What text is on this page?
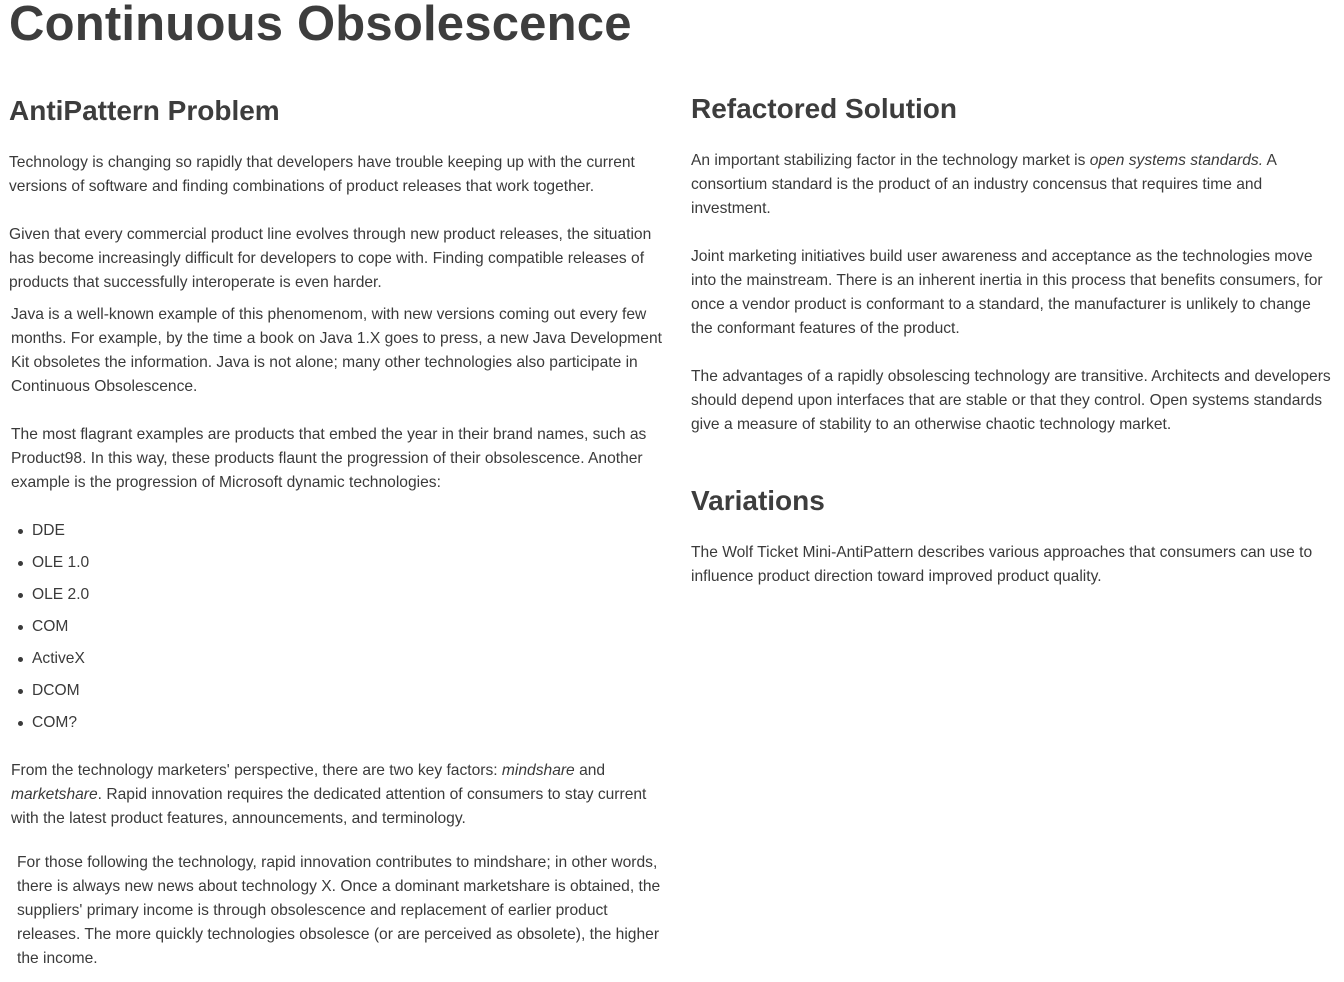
Continuous Obsolescence
AntiPattern Problem

Technology is changing so rapidly that developers have trouble keeping up with the current versions of software and finding combinations of product releases that work together.

Given that every commercial product line evolves through new product releases, the situation has become increasingly difficult for developers to cope with. Finding compatible releases of products that successfully interoperate is even harder.

Java is a well-known example of this phenomenom, with new versions coming out every few months. For example, by the time a book on Java 1.X goes to press, a new Java Development Kit obsoletes the information. Java is not alone; many other technologies also participate in Continuous Obsolescence.

The most flagrant examples are products that embed the year in their brand names, such as Product98. In this way, these products flaunt the progression of their obsolescence. Another example is the progression of Microsoft dynamic technologies:

DDE
OLE 1.0
OLE 2.0
COM
ActiveX
DCOM
COM?

From the technology marketers' perspective, there are two key factors: mindshare and marketshare. Rapid innovation requires the dedicated attention of consumers to stay current with the latest product features, announcements, and terminology.

For those following the technology, rapid innovation contributes to mindshare; in other words, there is always new news about technology X. Once a dominant marketshare is obtained, the suppliers' primary income is through obsolescence and replacement of earlier product releases. The more quickly technologies obsolesce (or are perceived as obsolete), the higher the income.

Refactored Solution

An important stabilizing factor in the technology market is open systems standards. A consortium standard is the product of an industry concensus that requires time and investment.

Joint marketing initiatives build user awareness and acceptance as the technologies move into the mainstream. There is an inherent inertia in this process that benefits consumers, for once a vendor product is conformant to a standard, the manufacturer is unlikely to change the conformant features of the product.

The advantages of a rapidly obsolescing technology are transitive. Architects and developers should depend upon interfaces that are stable or that they control. Open systems standards give a measure of stability to an otherwise chaotic technology market.

Variations

The Wolf Ticket Mini-AntiPattern describes various approaches that consumers can use to influence product direction toward improved product quality.
